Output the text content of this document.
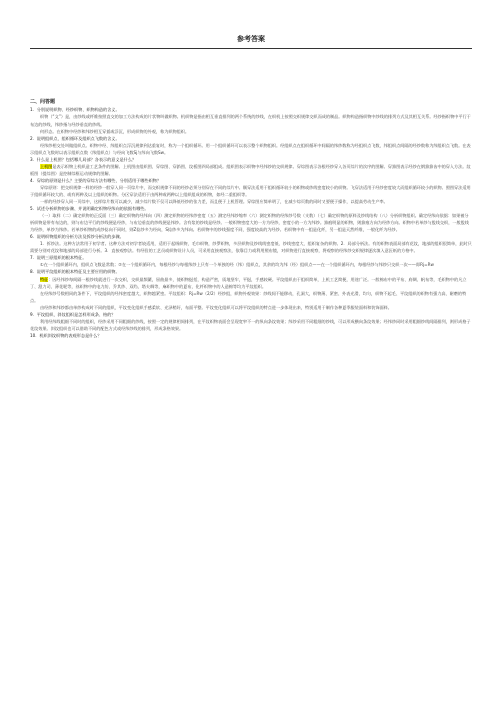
参考答案
二、问答题
1．分别说明织物、经纱织物、织物构造的含义。
织物（“文”）是，由纱线或纤维按照直交的加工方法构成的片状物叫做织物。机织物是指由相互垂直排列的两个系统的纱线，在织机上按照交织规律交织而成的制品。织物构造指织物中纱线的排列方式及其相互关系。经纱指织物中平行于布边的纱线，纬纱指与经纱垂直的纱线。
何形态。在织物中经纱和纬纱相互穿插或浮沉，形成织物的外观，称为织物组织。
2．说明组织点、组织循环及组织点飞数的含义。
经纬纱相交处叫做组织点。织物中经、纬组织点浮沉规律到达重复时，称为一个组织循环。用一个组织循环可以表示整个织物组织。经组织点在组织循环中间隔的纬纱数称为经组织点飞数，纬组织点间隔的经纱数称为纬组织点飞数。在表示组织点飞数时以表示组织点数（纬组织点）与经向飞数Sj与纬向飞数Sw。
3．什么是上机图？包括哪几局部？各表示的意义是什么？
上机图是表示织物上机织造工艺条件的图解。上机图由组织图、穿综图、穿筘图、纹板图四局部组成。组织图表示织物中经纬纱的交织规律。穿综图表示各根经纱穿入各页综片的次序的图解。穿筘图表示经纱在钢筘筘齿中的穿入方法。纹板图（提综图）是控制综框运动规律的图解。
4．穿综的原则是什么？主要的穿综方法有哪些，分别适用于哪些织物？
穿综原则：把交织规律一样的经纱一般穿入同一页综片中，而交织规律不同的经纱必须分别穿在不同的综片中。顺穿法适用于组织循环较小的织物或纱线密度较小的织物。飞穿法适用于经纱密度较大而组织循环较小的织物。照图穿法适用于组织循环较大的、或有两种及以上组织的织物。分区穿法适用于由两种或两种以上组织组成的织物，如经二重组织等。
一样的经纱穿入同一页综中，这样综片数可以减少，减少综片数不仅可以降低经纱的张力差，而且便于上机管理。穿综图应简单明了，在减少综页数的同时又要便于操作，以提高劳动生产率。
5．试述分析织物的步骤、并说明确定织物经纬向的依据有哪些。
（一）取样（二）确定织物的正反面（三）确定织物的经纬向（四）测定织物的经纬纱密度（五）测定经纬纱缩率（六）测定织物的经纬纱号数（支数）（七）确定织物的原料及纱线结构（八）分析织物组织。确定经纬向依据：如果被分析织物是带有布边的，则与布边平行的纱线便是经纱，与布边垂直的纱线便是纬纱。含有浆的纱线是经纱。一般织物密度大的一方为经纱，密度小的一方为纬纱。筘痕明显的织物，则筘痕方向为经纱方向。织物中若单纱与股线交织，一般股线为经纱，单纱为纬纱。若单纱织物的成纱捻向不同时，则Z捻纱多为经向，S捻纱多为纬向。若织物中的纱线强度不同，强度较高的为经纱。若织物中有一组是化纤，另一组是天然纤维，一般化纤为经纱。
6．说明织物组织的分析方法及拆纱分析法的步骤。
1．拆纱法。这种方法常用于初学者。这种方法对初学者较适用，适用于起绒织物，毛巾织物，纱罗织物，多层织物及纱线线密度低、纱线密度大、组织复杂的织物。2．局部分析法。有的织物表面局部有花纹，地部的组织很简单，此时只需要分别对花纹和地部的局部进行分析。3．直接观察法。有经验的工艺员或织物设计人员，可采用直接观察法，依靠目力或利用照布镜，对织物进行直接观察，将观察的经纬纱交织规律逐次填入意匠纸的方格中。
7．说明三原组织的根本特征。
①在一个组织循环内，组织点飞数是常数；②在一个组织循环内，每根经纱与每根纬纱上只有一个单独的经（纬）组织点，其余的均为纬（经）组织点——在一个组织循环内，每根经纱与纬纱只交织一次——即Rj=Rw
8．说明平纹组织的根本特征及主要应用的织物。
特征：因经纬纱每间隔一根纱线就进行一次交织，交织最频繁，屈曲最多，使织物挺括，构造严密，质地坚牢，平挺，手感较硬。平纹组织由于组织简单，上机工艺简便，用途广泛。一般棉布中的平布、府绸、帆布等，毛织物中的凡立丁、派力司、薄花呢等，丝织物中的电力纺、乔其纱、双绉、塔夫绸等，麻织物中的夏布，化纤织物中的人造棉等均为平纹组织。
在经纬纱号数相同的条件下，平纹组织的经纬密度越大，织物越紧密。平纹组织：Rj=Rw（2/2）经纱组，织物外观效果：纱线间不能移动，孔洞大，织物薄、紧密、外表光滑，均匀，织物不起毛、平纹组织的织物有强力高、耐磨的特点。
由经纱和纬纱都由单纱构成时不同的组织，平纹变化组织手感柔软、光泽稍好，布面平整。平纹变化组织可以将平纹组织的特点进一步体现出来，特别适用于制作各种夏季服装面料和装饰面料。
9．平纹组织、斜纹组织是怎样形成条、格的？
利用经纬线粗细不同时的组织，经纱采用不同粗细的纱线，按照一定的规律相间排列，在平纹织物表面会呈现宽窄不一的纵向条纹效果；纬纱采用不同粗细的纱线，可以形成横向条纹效果；经纬纱同时采用粗细纱线间隔排列，则形成格子花纹效果。斜纹组织也可以借助不同的配色方式或经纬纱线的排列，形成条格效果。
10．机织斜纹织物的表观形态是什么？
